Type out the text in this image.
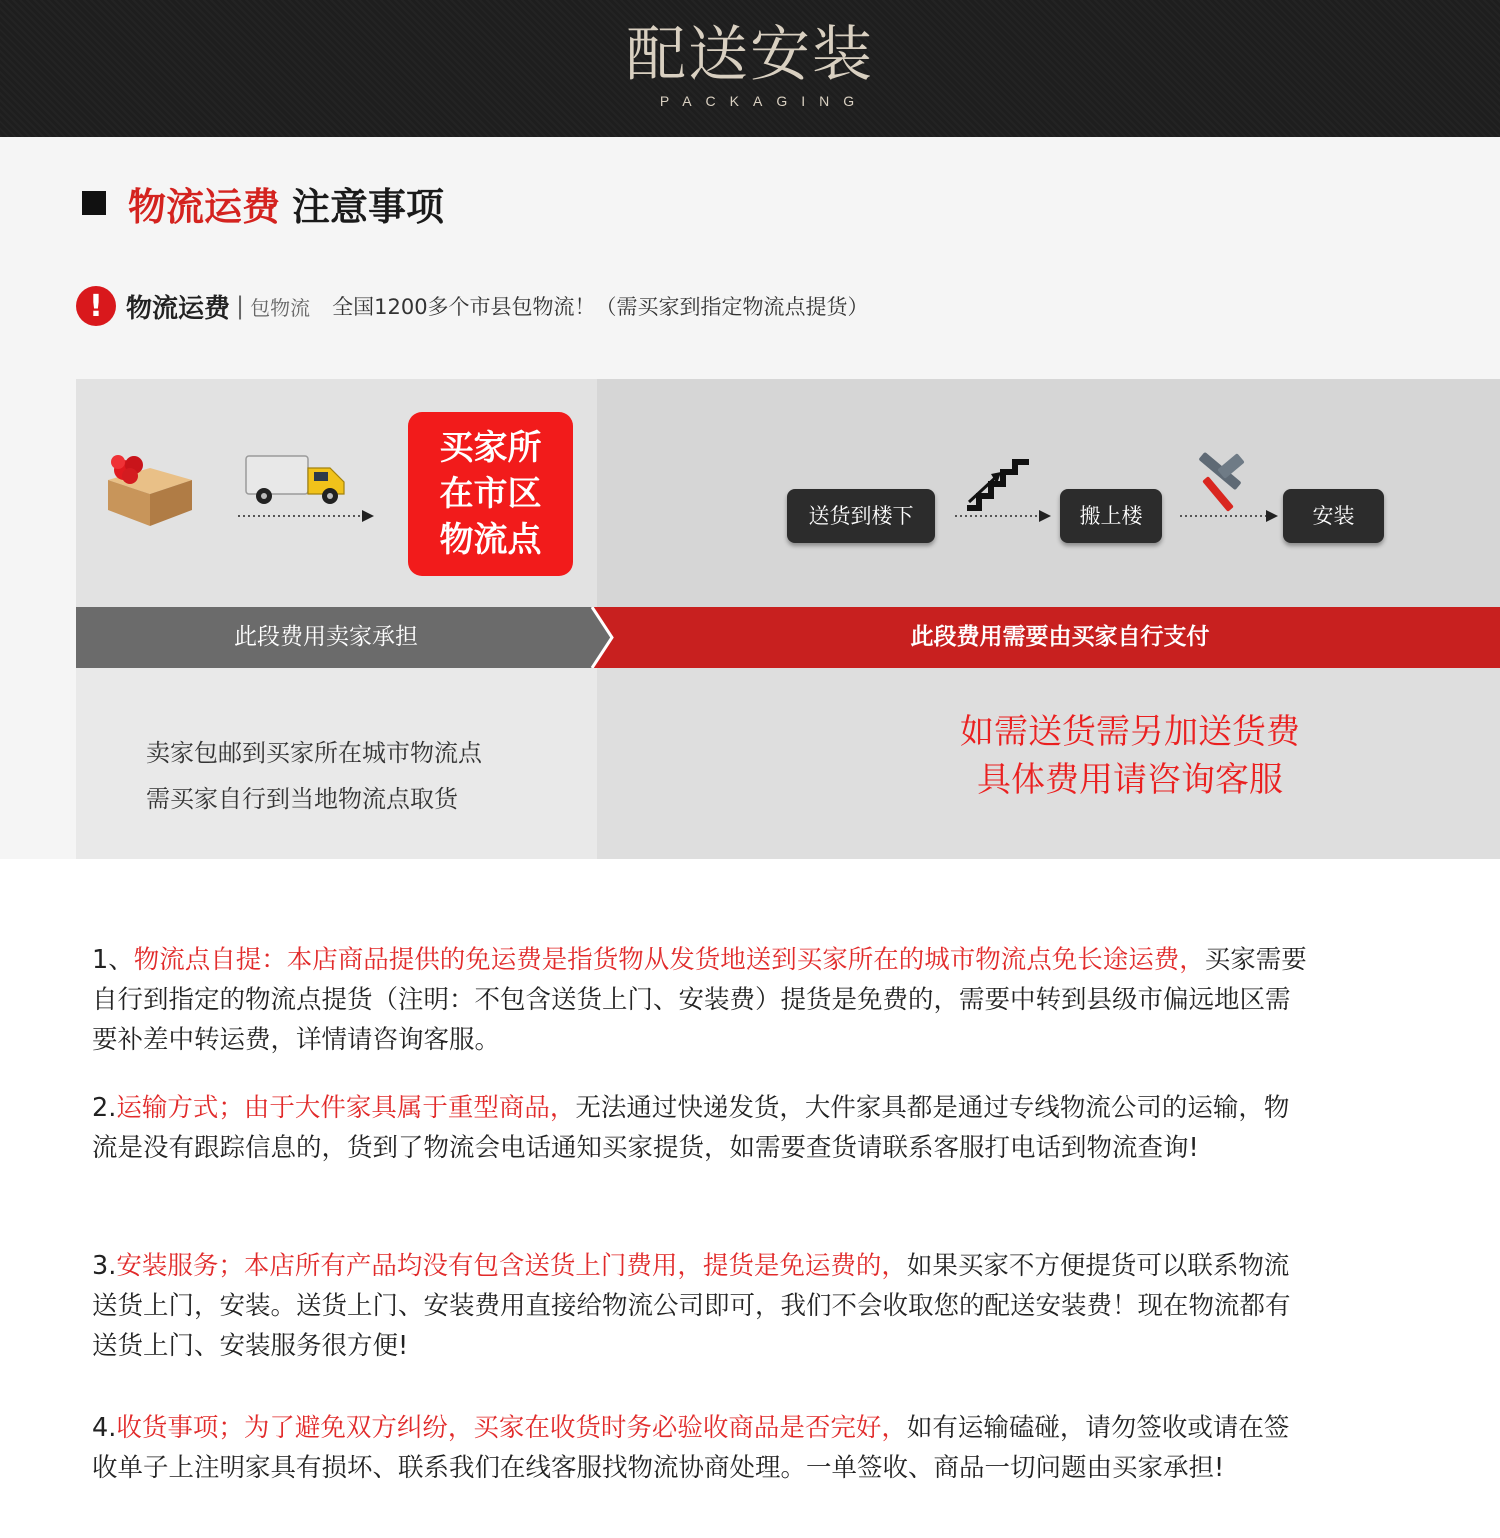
配送安装
PACKAGING
物流运费 注意事项
! 物流运费 | 包物流 全国1200多个市县包物流！（需买家到指定物流点提货）
买家所
在市区
物流点
送货到楼下	搬上楼	安装
此段费用卖家承担	此段费用需要由买家自行支付
卖家包邮到买家所在城市物流点
需买家自行到当地物流点取货
如需送货需另加送货费
具体费用请咨询客服
1、物流点自提：本店商品提供的免运费是指货物从发货地送到买家所在的城市物流点免长途运费，买家需要自行到指定的物流点提货（注明：不包含送货上门、安装费）提货是免费的，需要中转到县级市偏远地区需要补差中转运费，详情请咨询客服。
2.运输方式；由于大件家具属于重型商品，无法通过快递发货，大件家具都是通过专线物流公司的运输，物流是没有跟踪信息的，货到了物流会电话通知买家提货，如需要查货请联系客服打电话到物流查询!
3.安装服务；本店所有产品均没有包含送货上门费用，提货是免运费的，如果买家不方便提货可以联系物流送货上门，安装。送货上门、安装费用直接给物流公司即可，我们不会收取您的配送安装费！现在物流都有送货上门、安装服务很方便!
4.收货事项；为了避免双方纠纷，买家在收货时务必验收商品是否完好，如有运输磕碰，请勿签收或请在签收单子上注明家具有损坏、联系我们在线客服找物流协商处理。一单签收、商品一切问题由买家承担!
